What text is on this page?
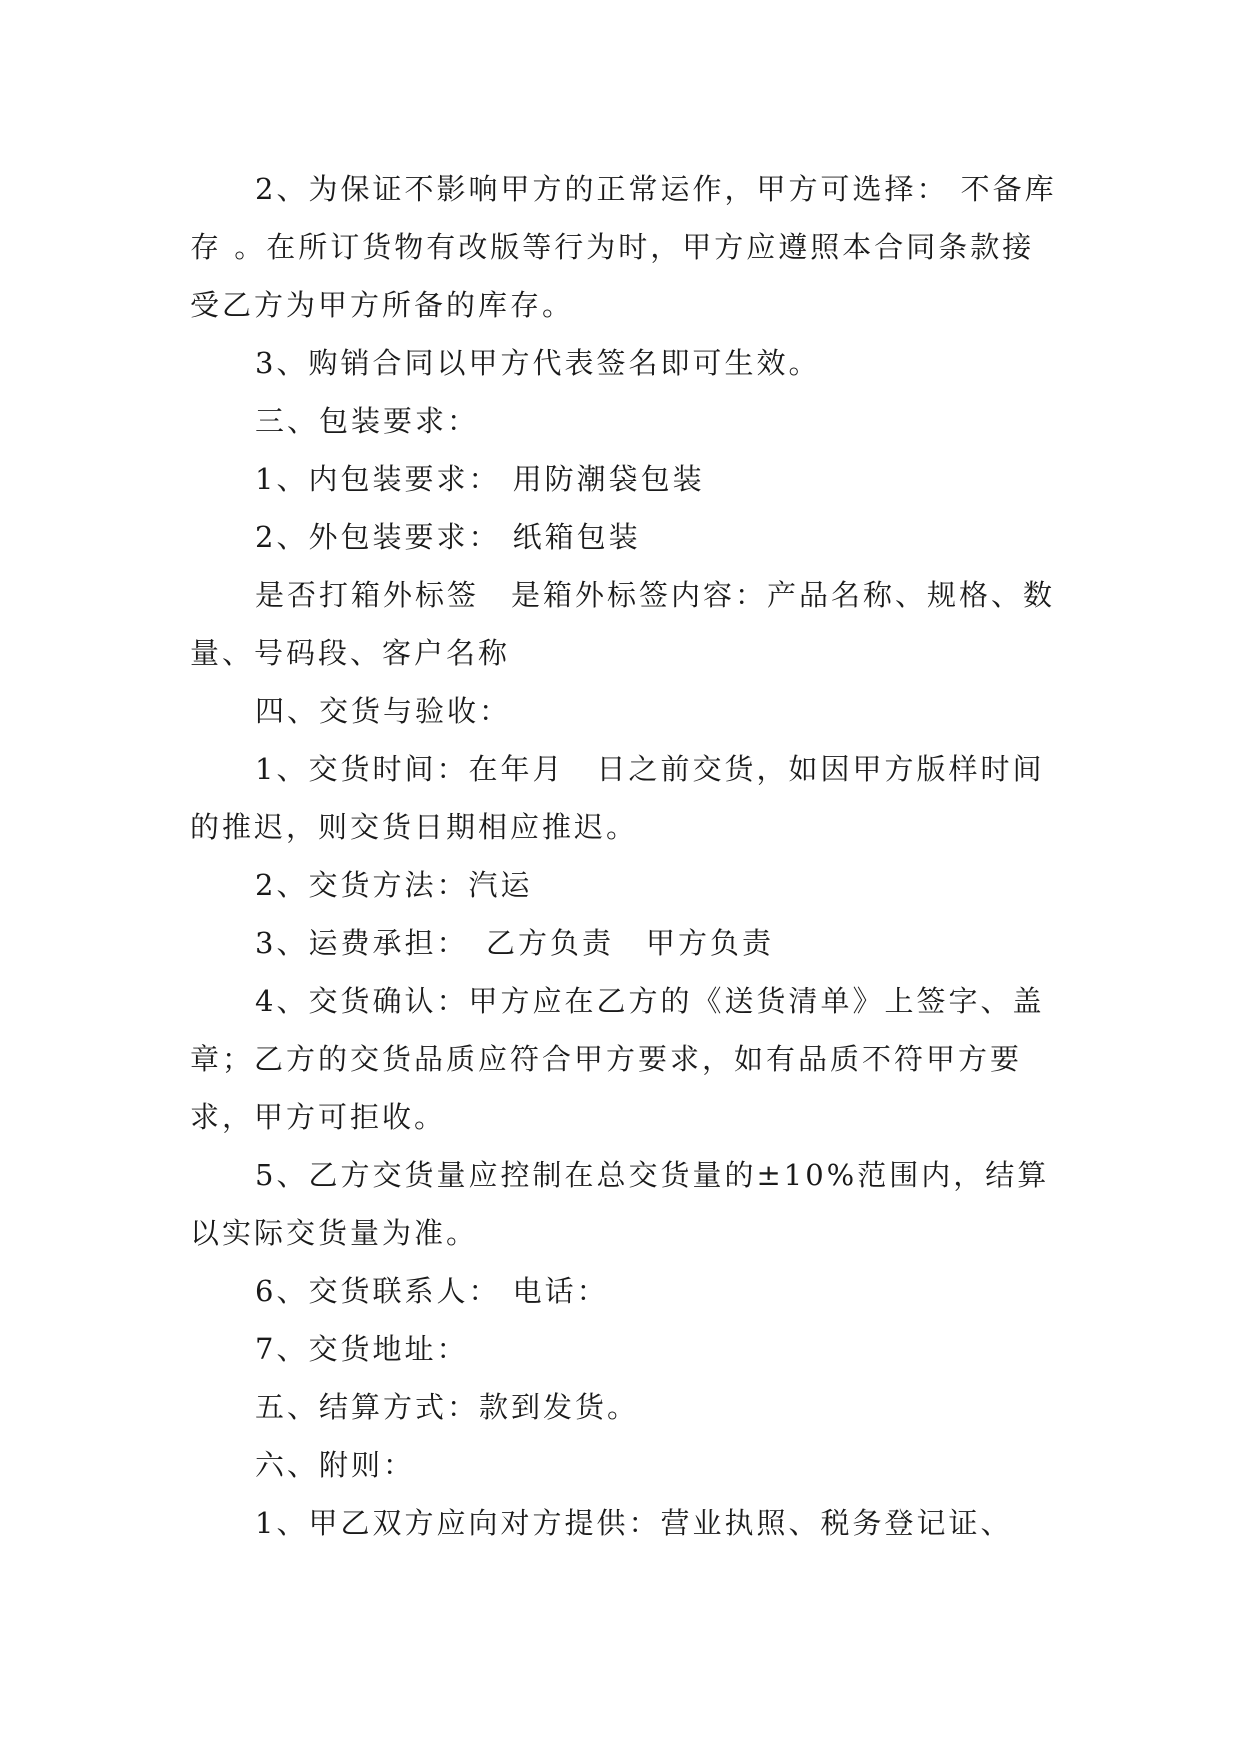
2、为保证不影响甲方的正常运作，甲方可选择： 不备库存 。在所订货物有改版等行为时，甲方应遵照本合同条款接受乙方为甲方所备的库存。

3、购销合同以甲方代表签名即可生效。

三、包装要求：

1、内包装要求： 用防潮袋包装

2、外包装要求： 纸箱包装

是否打箱外标签　是箱外标签内容：产品名称、规格、数量、号码段、客户名称

四、交货与验收：

1、交货时间：在年月　日之前交货，如因甲方版样时间的推迟，则交货日期相应推迟。

2、交货方法：汽运

3、运费承担：　乙方负责　甲方负责

4、交货确认：甲方应在乙方的《送货清单》上签字、盖章；乙方的交货品质应符合甲方要求，如有品质不符甲方要求，甲方可拒收。

5、乙方交货量应控制在总交货量的±10%范围内，结算以实际交货量为准。

6、交货联系人： 电话：

7、交货地址：

五、结算方式：款到发货。

六、附则：

1、甲乙双方应向对方提供：营业执照、税务登记证、
